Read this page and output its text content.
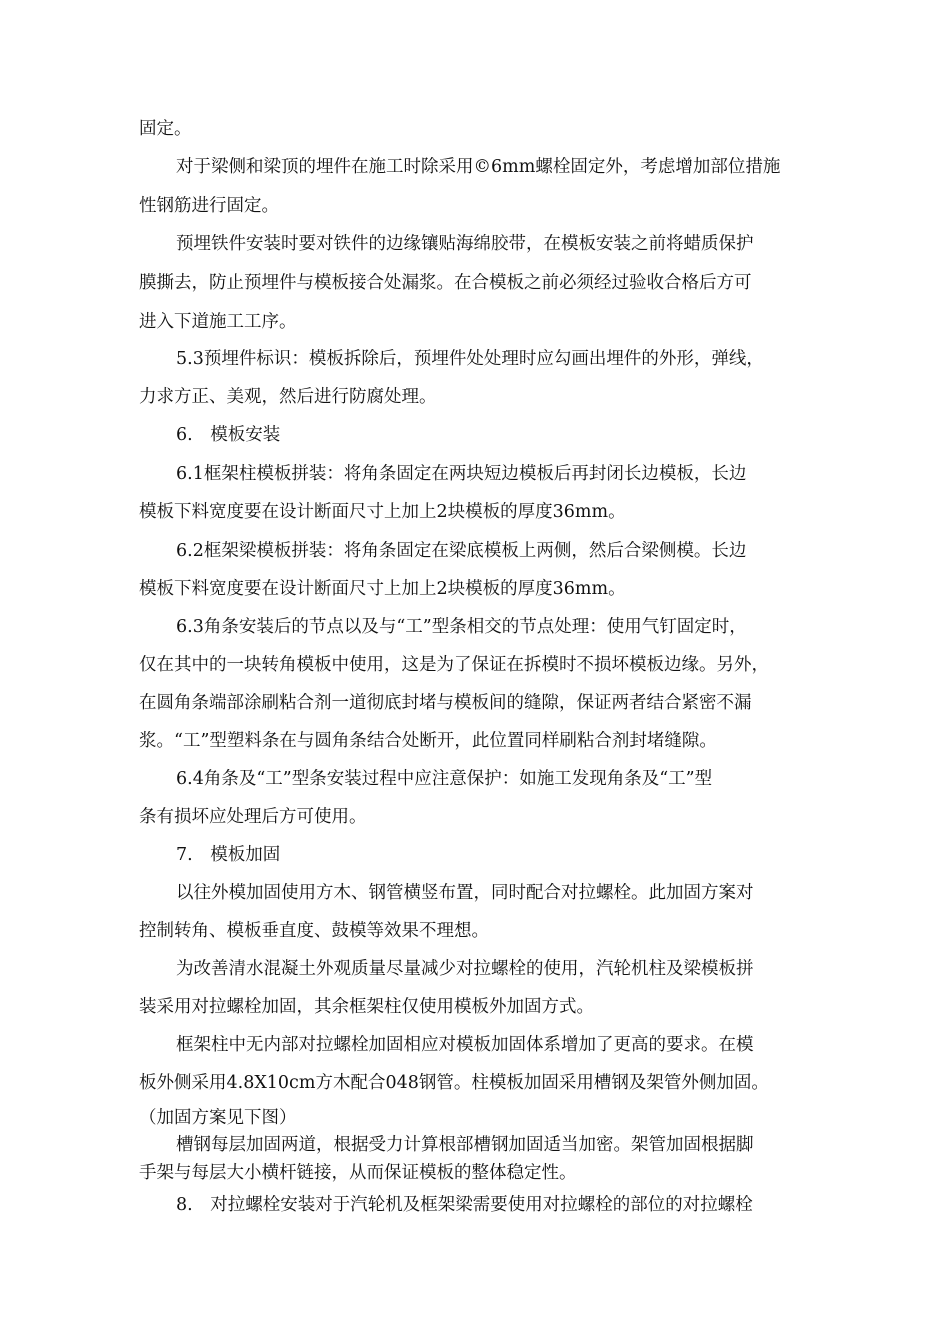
固定。
对于梁侧和梁顶的埋件在施工时除采用©6mm螺栓固定外，考虑增加部位措施
性钢筋进行固定。
预埋铁件安装时要对铁件的边缘镶贴海绵胶带，在模板安装之前将蜡质保护
膜撕去，防止预埋件与模板接合处漏浆。在合模板之前必须经过验收合格后方可
进入下道施工工序。
5.3预埋件标识：模板拆除后，预埋件处处理时应勾画出埋件的外形，弹线，
力求方正、美观，然后进行防腐处理。
6.　模板安装
6.1框架柱模板拼装：将角条固定在两块短边模板后再封闭长边模板，长边
模板下料宽度要在设计断面尺寸上加上2块模板的厚度36mm。
6.2框架梁模板拼装：将角条固定在梁底模板上两侧，然后合梁侧模。长边
模板下料宽度要在设计断面尺寸上加上2块模板的厚度36mm。
6.3角条安装后的节点以及与“工”型条相交的节点处理：使用气钉固定时，
仅在其中的一块转角模板中使用，这是为了保证在拆模时不损坏模板边缘。另外，
在圆角条端部涂刷粘合剂一道彻底封堵与模板间的缝隙，保证两者结合紧密不漏
浆。“工”型塑料条在与圆角条结合处断开，此位置同样刷粘合剂封堵缝隙。
6.4角条及“工”型条安装过程中应注意保护：如施工发现角条及“工”型
条有损坏应处理后方可使用。
7.　模板加固
以往外模加固使用方木、钢管横竖布置，同时配合对拉螺栓。此加固方案对
控制转角、模板垂直度、鼓模等效果不理想。
为改善清水混凝土外观质量尽量减少对拉螺栓的使用，汽轮机柱及梁模板拼
装采用对拉螺栓加固，其余框架柱仅使用模板外加固方式。
框架柱中无内部对拉螺栓加固相应对模板加固体系增加了更高的要求。在模
板外侧采用4.8X10cm方木配合048钢管。柱模板加固采用槽钢及架管外侧加固。
（加固方案见下图）
槽钢每层加固两道，根据受力计算根部槽钢加固适当加密。架管加固根据脚
手架与每层大小横杆链接，从而保证模板的整体稳定性。
8.　对拉螺栓安装对于汽轮机及框架梁需要使用对拉螺栓的部位的对拉螺栓
